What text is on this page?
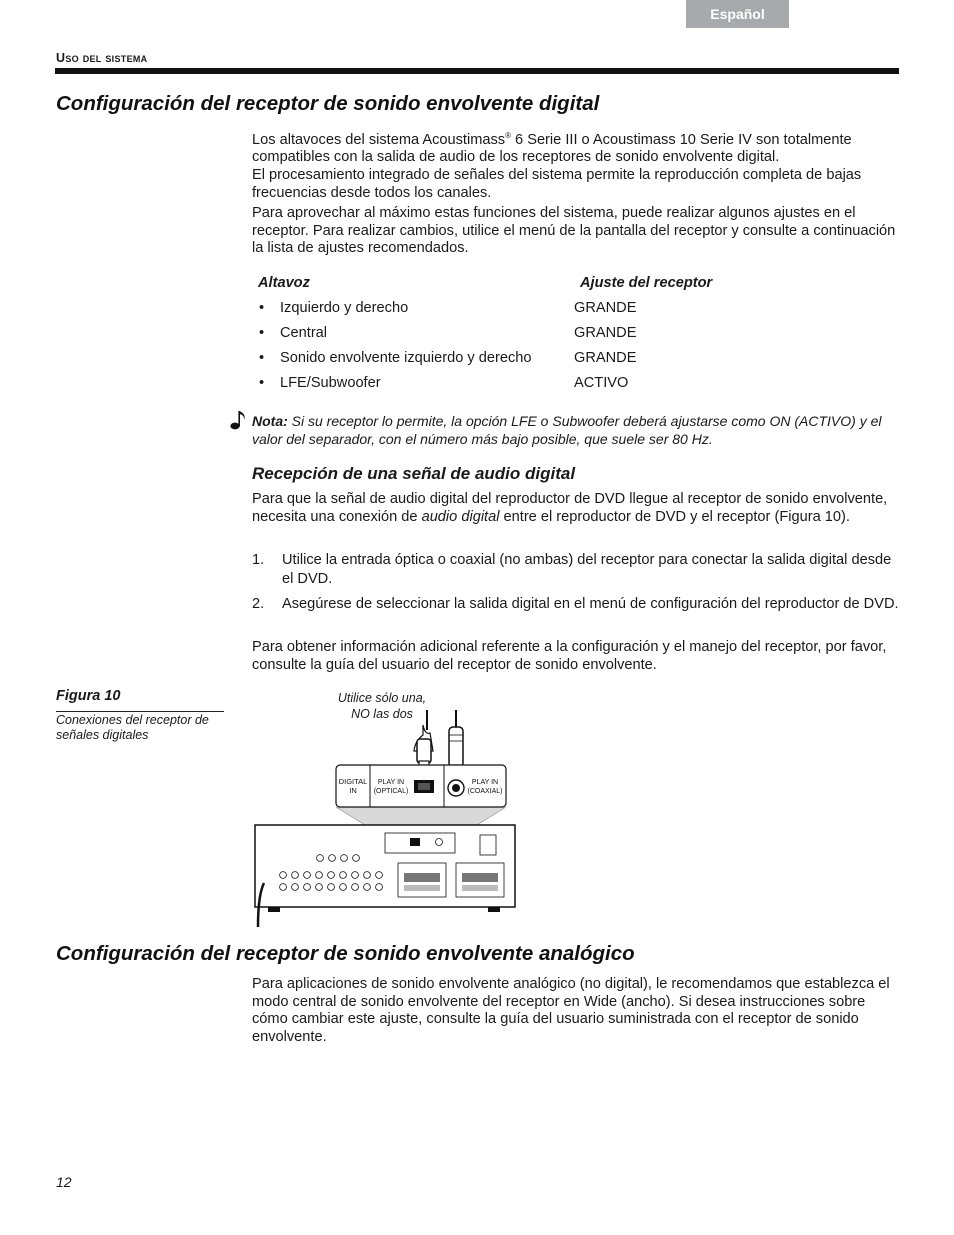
Español
Uso del sistema
Configuración del receptor de sonido envolvente digital

Los altavoces del sistema Acoustimass® 6 Serie III o Acoustimass 10 Serie IV son totalmente compatibles con la salida de audio de los receptores de sonido envolvente digital.
El procesamiento integrado de señales del sistema permite la reproducción completa de bajas frecuencias desde todos los canales.

Para aprovechar al máximo estas funciones del sistema, puede realizar algunos ajustes en el receptor. Para realizar cambios, utilice el menú de la pantalla del receptor y consulte a continuación la lista de ajustes recomendados.

Altavoz	Ajuste del receptor
•	Izquierdo y derecho	GRANDE
•	Central	GRANDE
•	Sonido envolvente izquierdo y derecho	GRANDE
•	LFE/Subwoofer	ACTIVO

Nota: Si su receptor lo permite, la opción LFE o Subwoofer deberá ajustarse como ON (ACTIVO) y el valor del separador, con el número más bajo posible, que suele ser 80 Hz.

Recepción de una señal de audio digital

Para que la señal de audio digital del reproductor de DVD llegue al receptor de sonido envolvente, necesita una conexión de audio digital entre el reproductor de DVD y el receptor (Figura 10).

1.	Utilice la entrada óptica o coaxial (no ambas) del receptor para conectar la salida digital desde el DVD.
2.	Asegúrese de seleccionar la salida digital en el menú de configuración del reproductor de DVD.

Para obtener información adicional referente a la configuración y el manejo del receptor, por favor, consulte la guía del usuario del receptor de sonido envolvente.

Figura 10
Conexiones del receptor de señales digitales
Utilice sólo una,
NO las dos
DIGITAL
IN
PLAY IN
(OPTICAL)
PLAY IN
(COAXIAL)
Configuración del receptor de sonido envolvente analógico

Para aplicaciones de sonido envolvente analógico (no digital), le recomendamos que establezca el modo central de sonido envolvente del receptor en Wide (ancho). Si desea instrucciones sobre cómo cambiar este ajuste, consulte la guía del usuario suministrada con el receptor de sonido envolvente.

12
